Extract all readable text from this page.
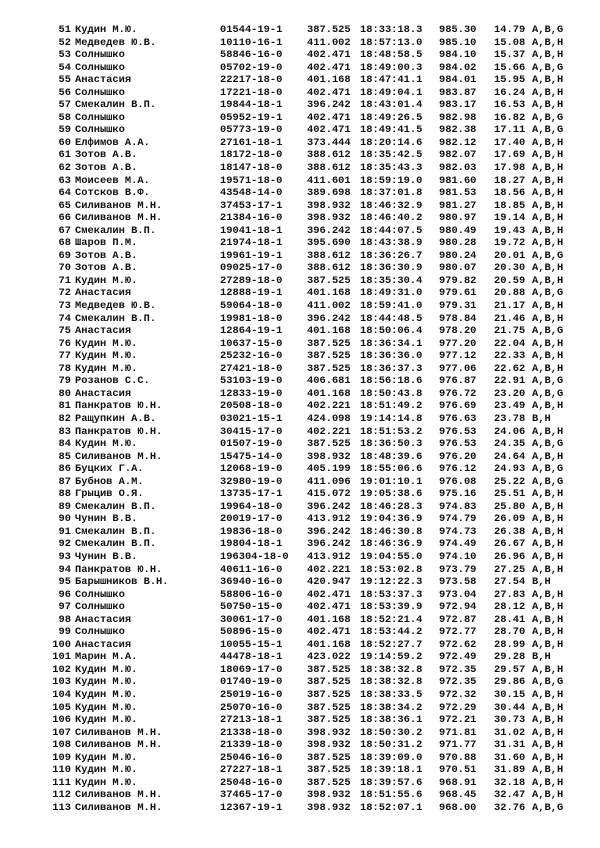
51 Кудин М.Ю.	01544-19-1 387.525 18:33:18.3 985.30 14.79 A,B,G
52 Медведев Ю.В.	10110-16-1 411.002 18:57:13.0 985.10 15.08 A,B,H
53 Солнышко	58846-16-0 402.471 18:48:58.5 984.10 15.37 A,B,H
54 Солнышко	05702-19-0 402.471 18:49:00.3 984.02 15.66 A,B,G
55 Анастасия	22217-18-0 401.168 18:47:41.1 984.01 15.95 A,B,H
56 Солнышко	17221-18-0 402.471 18:49:04.1 983.87 16.24 A,B,H
57 Смекалин В.П.	19844-18-1 396.242 18:43:01.4 983.17 16.53 A,B,H
58 Солнышко	05952-19-1 402.471 18:49:26.5 982.98 16.82 A,B,G
59 Солнышко	05773-19-0 402.471 18:49:41.5 982.38 17.11 A,B,G
60 Елфимов А.А.	27161-18-1 373.444 18:20:14.6 982.12 17.40 A,B,H
61 Зотов А.В.	18172-18-0 388.612 18:35:42.5 982.07 17.69 A,B,H
62 Зотов А.В.	18147-18-0 388.612 18:35:43.3 982.03 17.98 A,B,H
63 Моисеев М.А.	19571-18-0 411.601 18:59:19.0 981.60 18.27 A,B,H
64 Сотсков В.Ф.	43548-14-0 389.698 18:37:01.8 981.53 18.56 A,B,H
65 Силиванов М.Н.	37453-17-1 398.932 18:46:32.9 981.27 18.85 A,B,H
66 Силиванов М.Н.	21384-16-0 398.932 18:46:40.2 980.97 19.14 A,B,H
67 Смекалин В.П.	19041-18-1 396.242 18:44:07.5 980.49 19.43 A,B,H
68 Шаров П.М.	21974-18-1 395.690 18:43:38.9 980.28 19.72 A,B,H
69 Зотов А.В.	19961-19-1 388.612 18:36:26.7 980.24 20.01 A,B,G
70 Зотов А.В.	09025-17-0 388.612 18:36:30.9 980.07 20.30 A,B,H
71 Кудин М.Ю.	27289-18-0 387.525 18:35:30.4 979.82 20.59 A,B,H
72 Анастасия	12888-19-1 401.168 18:49:31.0 979.61 20.88 A,B,G
73 Медведев Ю.В.	59064-18-0 411.002 18:59:41.0 979.31 21.17 A,B,H
74 Смекалин В.П.	19981-18-0 396.242 18:44:48.5 978.84 21.46 A,B,H
75 Анастасия	12864-19-1 401.168 18:50:06.4 978.20 21.75 A,B,G
76 Кудин М.Ю.	10637-15-0 387.525 18:36:34.1 977.20 22.04 A,B,H
77 Кудин М.Ю.	25232-16-0 387.525 18:36:36.0 977.12 22.33 A,B,H
78 Кудин М.Ю.	27421-18-0 387.525 18:36:37.3 977.06 22.62 A,B,H
79 Розанов С.С.	53103-19-0 406.681 18:56:18.6 976.87 22.91 A,B,G
80 Анастасия	12833-19-0 401.168 18:50:43.8 976.72 23.20 A,B,G
81 Панкратов Ю.Н.	20508-18-0 402.221 18:51:49.2 976.69 23.49 A,B,H
82 Ращупкин А.В.	03021-15-1 424.098 19:14:14.8 976.63 23.78 B,H
83 Панкратов Ю.Н.	30415-17-0 402.221 18:51:53.2 976.53 24.06 A,B,H
84 Кудин М.Ю.	01507-19-0 387.525 18:36:50.3 976.53 24.35 A,B,G
85 Силиванов М.Н.	15475-14-0 398.932 18:48:39.6 976.20 24.64 A,B,H
86 Буцких Г.А.	12068-19-0 405.199 18:55:06.6 976.12 24.93 A,B,G
87 Бубнов А.М.	32980-19-0 411.096 19:01:10.1 976.08 25.22 A,B,G
88 Грыцив О.Я.	13735-17-1 415.072 19:05:38.6 975.16 25.51 A,B,H
89 Смекалин В.П.	19964-18-0 396.242 18:46:28.3 974.83 25.80 A,B,H
90 Чунин В.В.	20019-17-0 413.912 19:04:36.9 974.79 26.09 A,B,H
91 Смекалин В.П.	19836-18-0 396.242 18:46:30.8 974.73 26.38 A,B,H
92 Смекалин В.П.	19804-18-1 396.242 18:46:36.9 974.49 26.67 A,B,H
93 Чунин В.В.	196304-18-0 413.912 19:04:55.0 974.10 26.96 A,B,H
94 Панкратов Ю.Н.	40611-16-0 402.221 18:53:02.8 973.79 27.25 A,B,H
95 Барышников В.Н.	36940-16-0 420.947 19:12:22.3 973.58 27.54 B,H
96 Солнышко	58806-16-0 402.471 18:53:37.3 973.04 27.83 A,B,H
97 Солнышко	50750-15-0 402.471 18:53:39.9 972.94 28.12 A,B,H
98 Анастасия	30061-17-0 401.168 18:52:21.4 972.87 28.41 A,B,H
99 Солнышко	50896-15-0 402.471 18:53:44.2 972.77 28.70 A,B,H
100 Анастасия	10055-15-1 401.168 18:52:27.7 972.62 28.99 A,B,H
101 Марин М.А.	44478-18-1 423.022 19:14:59.2 972.49 29.28 B,H
102 Кудин М.Ю.	18069-17-0 387.525 18:38:32.8 972.35 29.57 A,B,H
103 Кудин М.Ю.	01740-19-0 387.525 18:38:32.8 972.35 29.86 A,B,G
104 Кудин М.Ю.	25019-16-0 387.525 18:38:33.5 972.32 30.15 A,B,H
105 Кудин М.Ю.	25070-16-0 387.525 18:38:34.2 972.29 30.44 A,B,H
106 Кудин М.Ю.	27213-18-1 387.525 18:38:36.1 972.21 30.73 A,B,H
107 Силиванов М.Н.	21338-18-0 398.932 18:50:30.2 971.81 31.02 A,B,H
108 Силиванов М.Н.	21339-18-0 398.932 18:50:31.2 971.77 31.31 A,B,H
109 Кудин М.Ю.	25046-16-0 387.525 18:39:09.0 970.88 31.60 A,B,H
110 Кудин М.Ю.	27227-18-1 387.525 18:39:18.1 970.51 31.89 A,B,H
111 Кудин М.Ю.	25048-16-0 387.525 18:39:57.6 968.91 32.18 A,B,H
112 Силиванов М.Н.	37465-17-0 398.932 18:51:55.6 968.45 32.47 A,B,H
113 Силиванов М.Н.	12367-19-1 398.932 18:52:07.1 968.00 32.76 A,B,G
